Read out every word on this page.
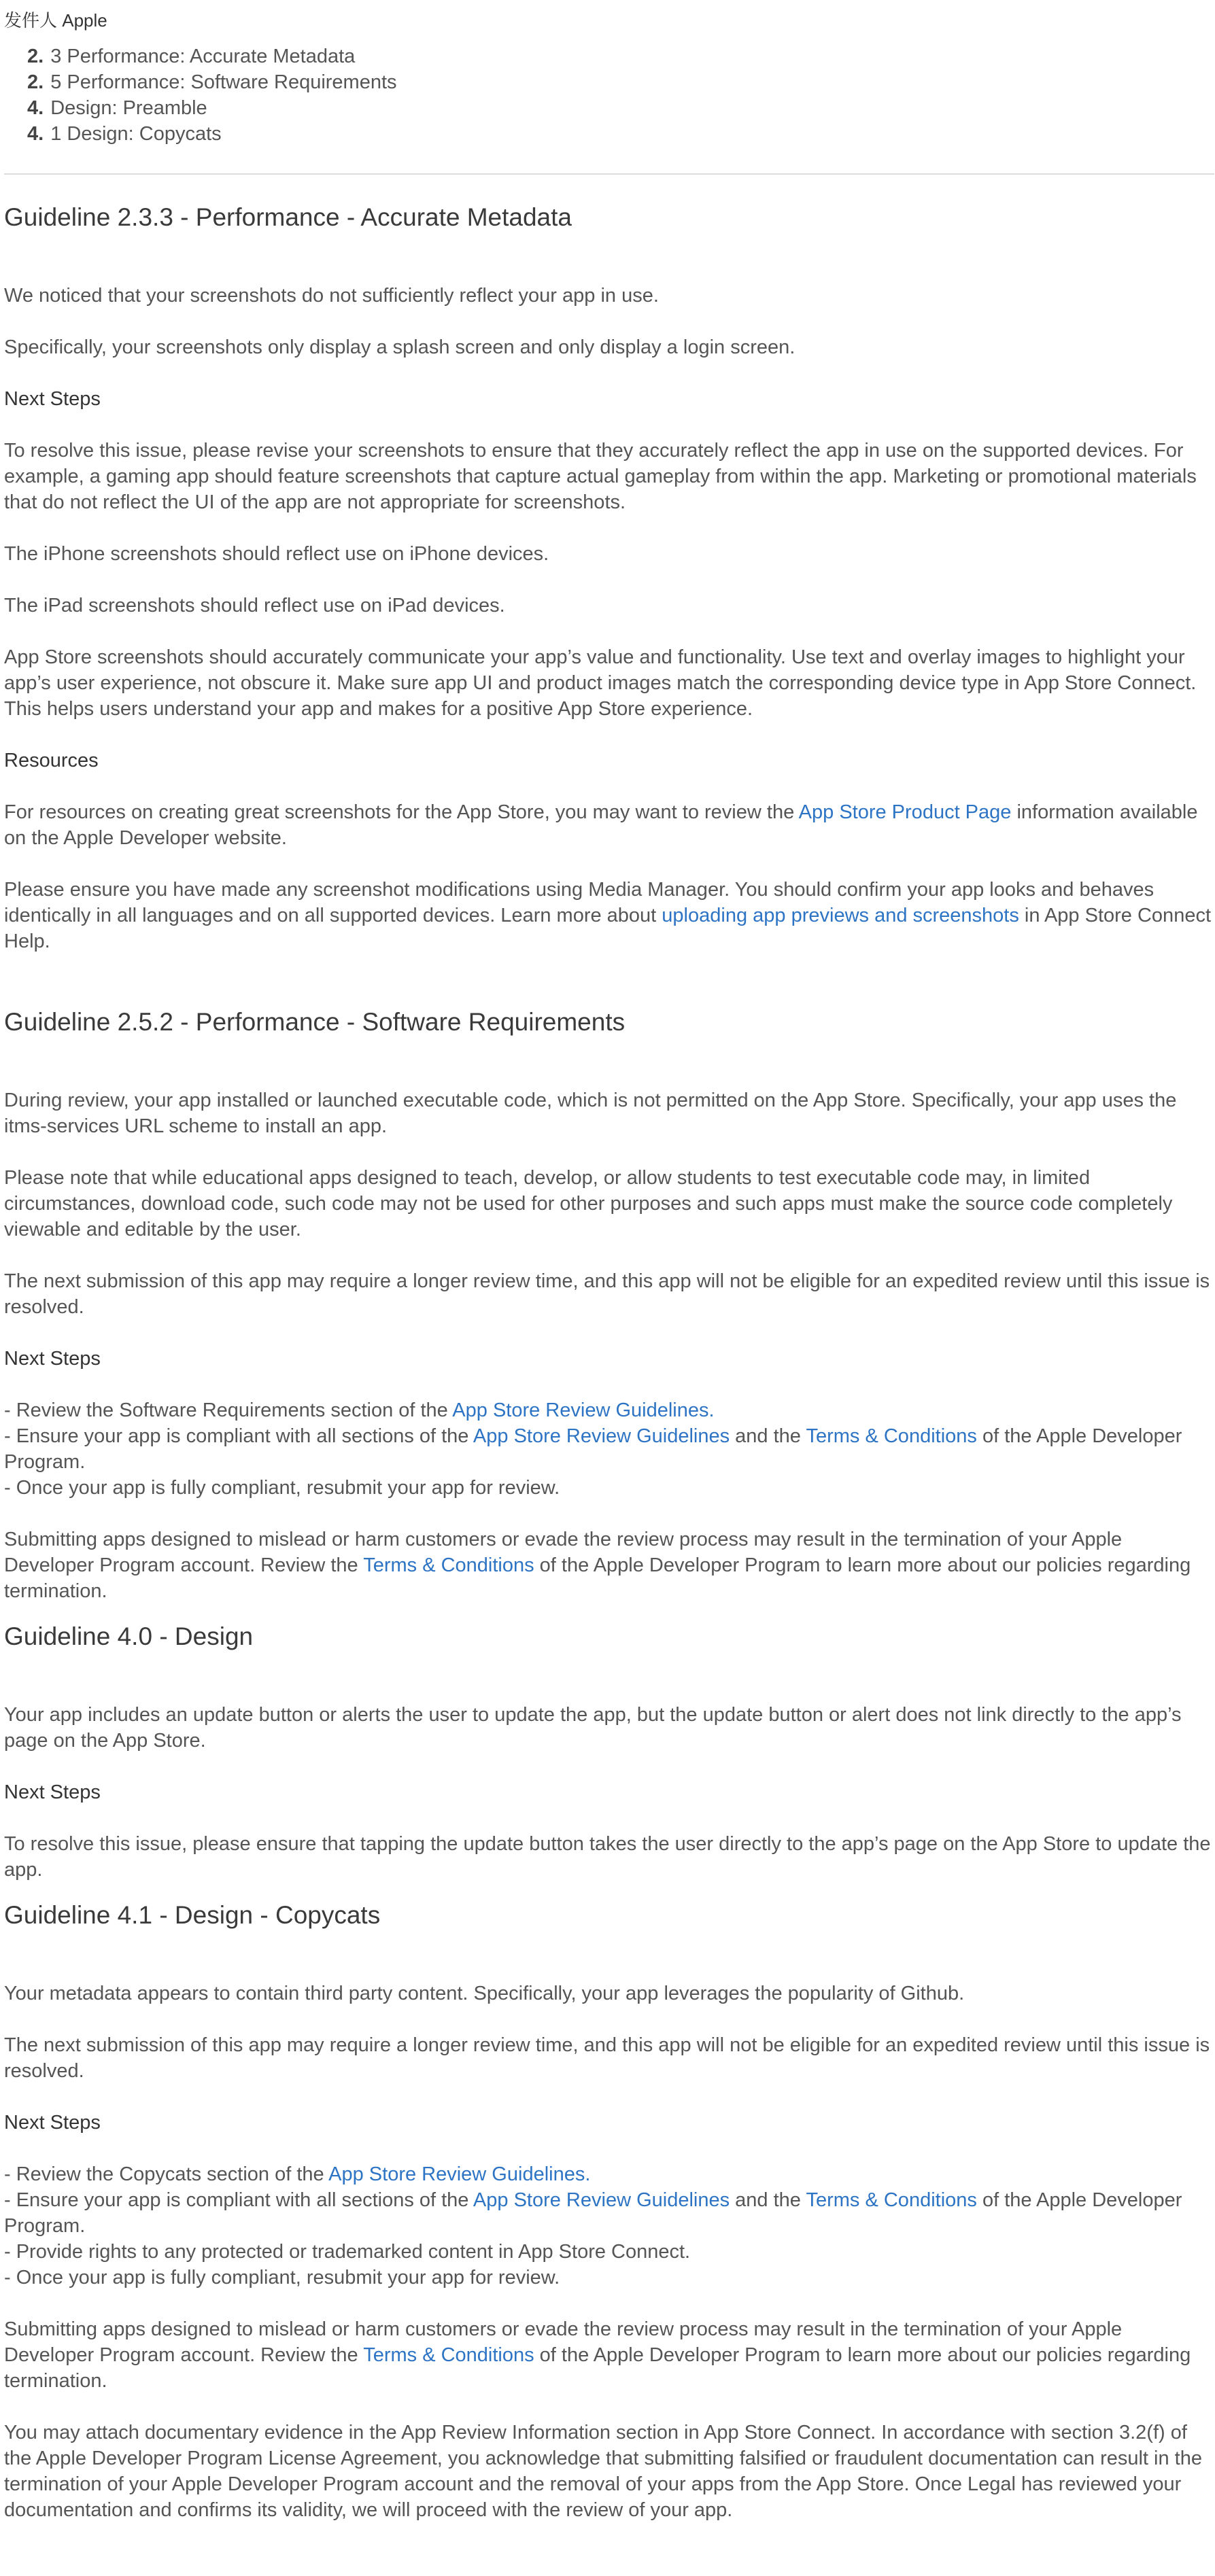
发件人 Apple
2. 3 Performance: Accurate Metadata
2. 5 Performance: Software Requirements
4. Design: Preamble
4. 1 Design: Copycats
Guideline 2.3.3 - Performance - Accurate Metadata

We noticed that your screenshots do not sufficiently reflect your app in use.

Specifically, your screenshots only display a splash screen and only display a login screen.

Next Steps

To resolve this issue, please revise your screenshots to ensure that they accurately reflect the app in use on the supported devices. For example, a gaming app should feature screenshots that capture actual gameplay from within the app. Marketing or promotional materials that do not reflect the UI of the app are not appropriate for screenshots.

The iPhone screenshots should reflect use on iPhone devices.

The iPad screenshots should reflect use on iPad devices.

App Store screenshots should accurately communicate your app’s value and functionality. Use text and overlay images to highlight your app’s user experience, not obscure it. Make sure app UI and product images match the corresponding device type in App Store Connect. This helps users understand your app and makes for a positive App Store experience.

Resources

For resources on creating great screenshots for the App Store, you may want to review the App Store Product Page information available on the Apple Developer website.

Please ensure you have made any screenshot modifications using Media Manager. You should confirm your app looks and behaves identically in all languages and on all supported devices. Learn more about uploading app previews and screenshots in App Store Connect Help.

Guideline 2.5.2 - Performance - Software Requirements

During review, your app installed or launched executable code, which is not permitted on the App Store. Specifically, your app uses the itms-services URL scheme to install an app.

Please note that while educational apps designed to teach, develop, or allow students to test executable code may, in limited circumstances, download code, such code may not be used for other purposes and such apps must make the source code completely viewable and editable by the user.

The next submission of this app may require a longer review time, and this app will not be eligible for an expedited review until this issue is resolved.

Next Steps
- Review the Software Requirements section of the App Store Review Guidelines.
- Ensure your app is compliant with all sections of the App Store Review Guidelines and the Terms & Conditions of the Apple Developer Program.
- Once your app is fully compliant, resubmit your app for review.

Submitting apps designed to mislead or harm customers or evade the review process may result in the termination of your Apple Developer Program account. Review the Terms & Conditions of the Apple Developer Program to learn more about our policies regarding termination.

Guideline 4.0 - Design

Your app includes an update button or alerts the user to update the app, but the update button or alert does not link directly to the app’s page on the App Store.

Next Steps

To resolve this issue, please ensure that tapping the update button takes the user directly to the app’s page on the App Store to update the app.

Guideline 4.1 - Design - Copycats

Your metadata appears to contain third party content. Specifically, your app leverages the popularity of Github.

The next submission of this app may require a longer review time, and this app will not be eligible for an expedited review until this issue is resolved.

Next Steps
- Review the Copycats section of the App Store Review Guidelines.
- Ensure your app is compliant with all sections of the App Store Review Guidelines and the Terms & Conditions of the Apple Developer Program.
- Provide rights to any protected or trademarked content in App Store Connect.
- Once your app is fully compliant, resubmit your app for review.

Submitting apps designed to mislead or harm customers or evade the review process may result in the termination of your Apple Developer Program account. Review the Terms & Conditions of the Apple Developer Program to learn more about our policies regarding termination.

You may attach documentary evidence in the App Review Information section in App Store Connect. In accordance with section 3.2(f) of the Apple Developer Program License Agreement, you acknowledge that submitting falsified or fraudulent documentation can result in the termination of your Apple Developer Program account and the removal of your apps from the App Store. Once Legal has reviewed your documentation and confirms its validity, we will proceed with the review of your app.
